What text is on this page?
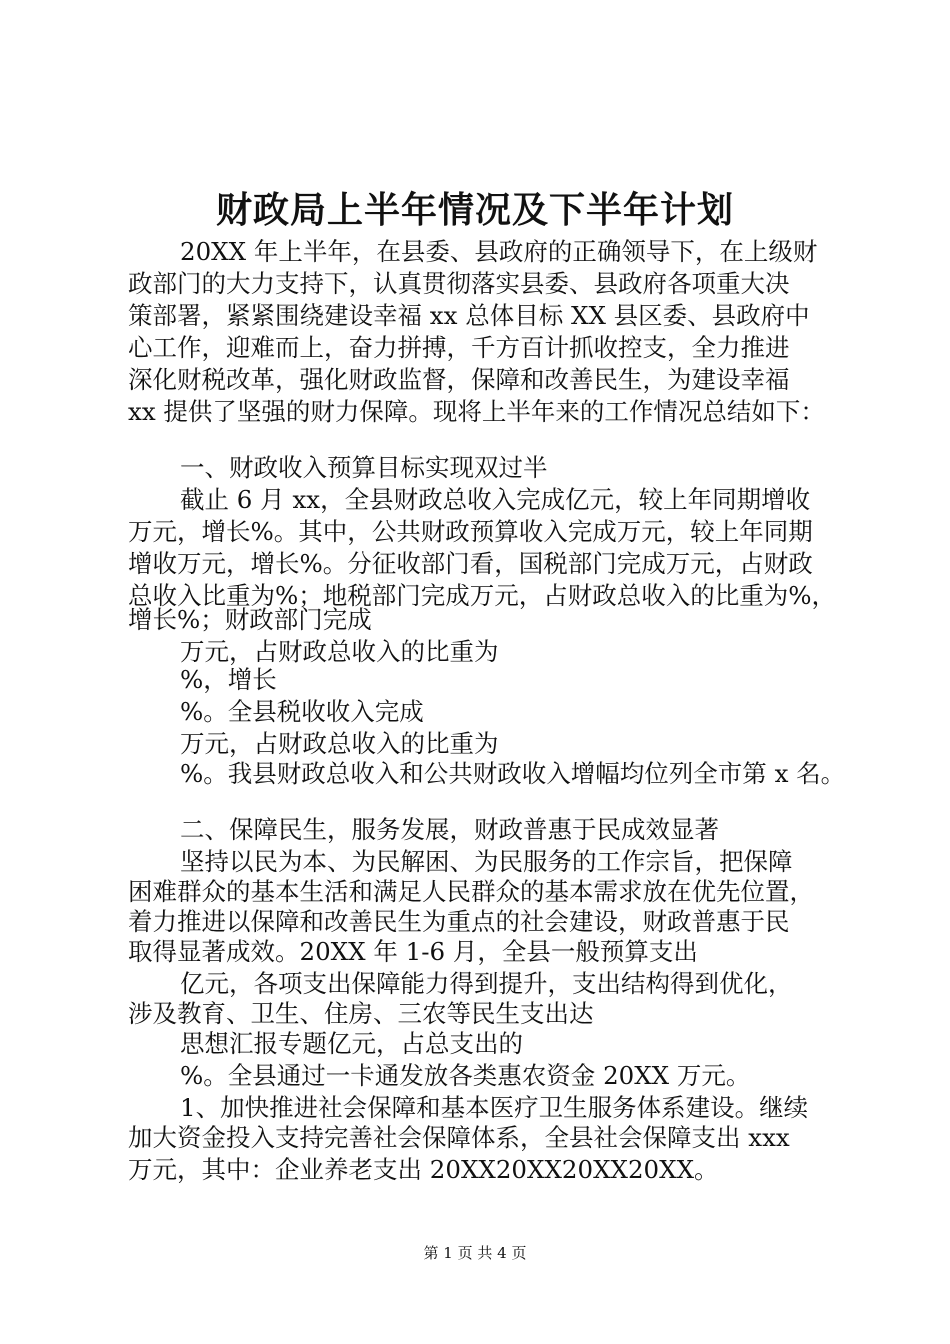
财政局上半年情况及下半年计划
20XX 年上半年，在县委、县政府的正确领导下，在上级财
政部门的大力支持下，认真贯彻落实县委、县政府各项重大决
策部署，紧紧围绕建设幸福 xx 总体目标 XX 县区委、县政府中
心工作，迎难而上，奋力拼搏，千方百计抓收控支，全力推进
深化财税改革，强化财政监督，保障和改善民生，为建设幸福
xx 提供了坚强的财力保障。现将上半年来的工作情况总结如下：
一、财政收入预算目标实现双过半
截止 6 月 xx，全县财政总收入完成亿元，较上年同期增收
万元，增长%。其中，公共财政预算收入完成万元，较上年同期
增收万元，增长%。分征收部门看，国税部门完成万元，占财政
总收入比重为%；地税部门完成万元，占财政总收入的比重为%，
增长%；财政部门完成
万元，占财政总收入的比重为
%，增长
%。全县税收收入完成
万元，占财政总收入的比重为
%。我县财政总收入和公共财政收入增幅均位列全市第 x 名。
二、保障民生，服务发展，财政普惠于民成效显著
坚持以民为本、为民解困、为民服务的工作宗旨，把保障
困难群众的基本生活和满足人民群众的基本需求放在优先位置，
着力推进以保障和改善民生为重点的社会建设，财政普惠于民
取得显著成效。20XX 年 1-6 月，全县一般预算支出
亿元，各项支出保障能力得到提升，支出结构得到优化，
涉及教育、卫生、住房、三农等民生支出达
思想汇报专题亿元，占总支出的
%。全县通过一卡通发放各类惠农资金 20XX 万元。
1、加快推进社会保障和基本医疗卫生服务体系建设。继续
加大资金投入支持完善社会保障体系，全县社会保障支出 xxx
万元，其中：企业养老支出 20XX20XX20XX20XX。
第 1 页 共 4 页
